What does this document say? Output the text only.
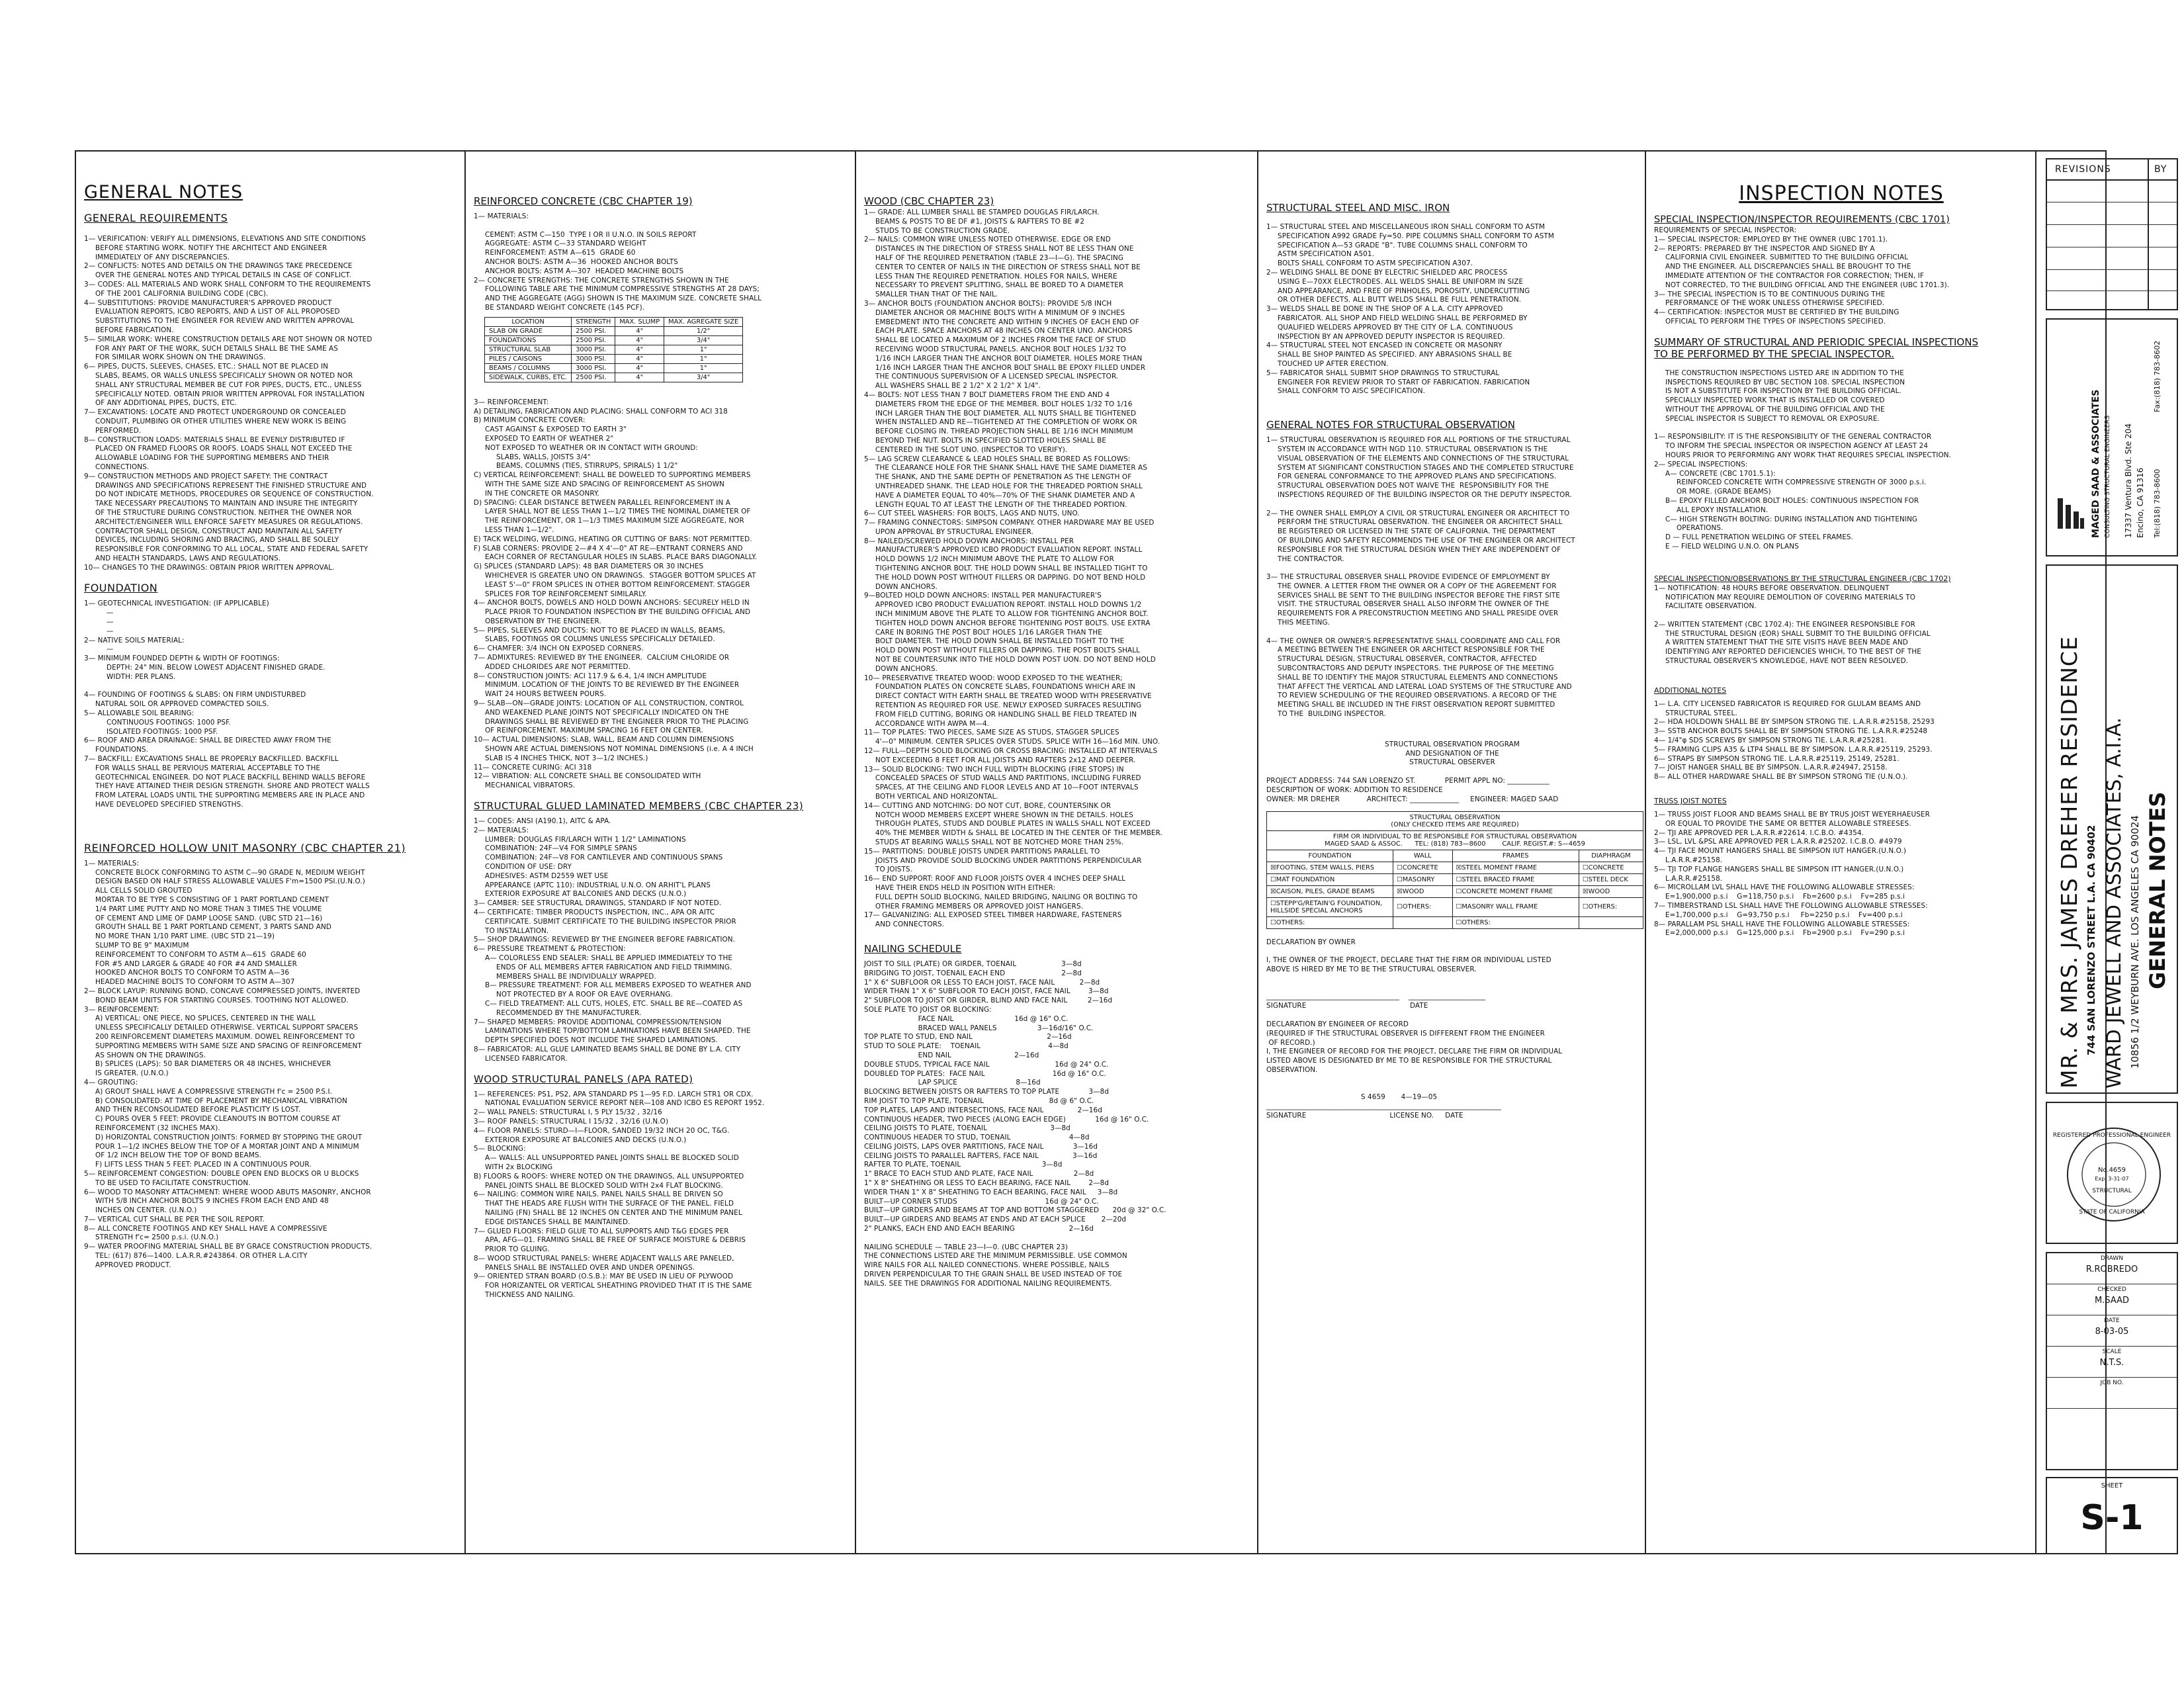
GENERAL NOTES
GENERAL REQUIREMENTS
1— VERIFICATION: VERIFY ALL DIMENSIONS, ELEVATIONS AND SITE CONDITIONS
BEFORE STARTING WORK. NOTIFY THE ARCHITECT AND ENGINEER
IMMEDIATELY OF ANY DISCREPANCIES.
2— CONFLICTS: NOTES AND DETAILS ON THE DRAWINGS TAKE PRECEDENCE
OVER THE GENERAL NOTES AND TYPICAL DETAILS IN CASE OF CONFLICT.
3— CODES: ALL MATERIALS AND WORK SHALL CONFORM TO THE REQUIREMENTS
OF THE 2001 CALIFORNIA BUILDING CODE (CBC).
4— SUBSTITUTIONS: PROVIDE MANUFACTURER'S APPROVED PRODUCT
EVALUATION REPORTS, ICBO REPORTS, AND A LIST OF ALL PROPOSED
SUBSTITUTIONS TO THE ENGINEER FOR REVIEW AND WRITTEN APPROVAL
BEFORE FABRICATION.
5— SIMILAR WORK: WHERE CONSTRUCTION DETAILS ARE NOT SHOWN OR NOTED
FOR ANY PART OF THE WORK, SUCH DETAILS SHALL BE THE SAME AS
FOR SIMILAR WORK SHOWN ON THE DRAWINGS.
6— PIPES, DUCTS, SLEEVES, CHASES, ETC.: SHALL NOT BE PLACED IN
SLABS, BEAMS, OR WALLS UNLESS SPECIFICALLY SHOWN OR NOTED NOR
SHALL ANY STRUCTURAL MEMBER BE CUT FOR PIPES, DUCTS, ETC., UNLESS
SPECIFICALLY NOTED. OBTAIN PRIOR WRITTEN APPROVAL FOR INSTALLATION
OF ANY ADDITIONAL PIPES, DUCTS, ETC.
7— EXCAVATIONS: LOCATE AND PROTECT UNDERGROUND OR CONCEALED
CONDUIT, PLUMBING OR OTHER UTILITIES WHERE NEW WORK IS BEING
PERFORMED.
8— CONSTRUCTION LOADS: MATERIALS SHALL BE EVENLY DISTRIBUTED IF
PLACED ON FRAMED FLOORS OR ROOFS. LOADS SHALL NOT EXCEED THE
ALLOWABLE LOADING FOR THE SUPPORTING MEMBERS AND THEIR
CONNECTIONS.
9— CONSTRUCTION METHODS AND PROJECT SAFETY: THE CONTRACT
DRAWINGS AND SPECIFICATIONS REPRESENT THE FINISHED STRUCTURE AND
DO NOT INDICATE METHODS, PROCEDURES OR SEQUENCE OF CONSTRUCTION.
TAKE NECESSARY PRECAUTIONS TO MAINTAIN AND INSURE THE INTEGRITY
OF THE STRUCTURE DURING CONSTRUCTION. NEITHER THE OWNER NOR
ARCHITECT/ENGINEER WILL ENFORCE SAFETY MEASURES OR REGULATIONS.
CONTRACTOR SHALL DESIGN, CONSTRUCT AND MAINTAIN ALL SAFETY
DEVICES, INCLUDING SHORING AND BRACING, AND SHALL BE SOLELY
RESPONSIBLE FOR CONFORMING TO ALL LOCAL, STATE AND FEDERAL SAFETY
AND HEALTH STANDARDS, LAWS AND REGULATIONS.
10— CHANGES TO THE DRAWINGS: OBTAIN PRIOR WRITTEN APPROVAL.
FOUNDATION
1— GEOTECHNICAL INVESTIGATION: (IF APPLICABLE)
—
—
—
2— NATIVE SOILS MATERIAL:
—
3— MINIMUM FOUNDED DEPTH & WIDTH OF FOOTINGS:
DEPTH: 24" MIN. BELOW LOWEST ADJACENT FINISHED GRADE.
WIDTH: PER PLANS.

4— FOUNDING OF FOOTINGS & SLABS: ON FIRM UNDISTURBED
NATURAL SOIL OR APPROVED COMPACTED SOILS.
5— ALLOWABLE SOIL BEARING:
CONTINUOUS FOOTINGS: 1000 PSF.
ISOLATED FOOTINGS: 1000 PSF.
6— ROOF AND AREA DRAINAGE: SHALL BE DIRECTED AWAY FROM THE
FOUNDATIONS.
7— BACKFILL: EXCAVATIONS SHALL BE PROPERLY BACKFILLED. BACKFILL
FOR WALLS SHALL BE PERVIOUS MATERIAL ACCEPTABLE TO THE
GEOTECHNICAL ENGINEER. DO NOT PLACE BACKFILL BEHIND WALLS BEFORE
THEY HAVE ATTAINED THEIR DESIGN STRENGTH. SHORE AND PROTECT WALLS
FROM LATERAL LOADS UNTIL THE SUPPORTING MEMBERS ARE IN PLACE AND
HAVE DEVELOPED SPECIFIED STRENGTHS.
REINFORCED HOLLOW UNIT MASONRY (CBC CHAPTER 21)
1— MATERIALS:
CONCRETE BLOCK CONFORMING TO ASTM C—90 GRADE N, MEDIUM WEIGHT
DESIGN BASED ON HALF STRESS ALLOWABLE VALUES F'm=1500 PSI.(U.N.O.)
ALL CELLS SOLID GROUTED
MORTAR TO BE TYPE S CONSISTING OF 1 PART PORTLAND CEMENT
1/4 PART LIME PUTTY AND NO MORE THAN 3 TIMES THE VOLUME
OF CEMENT AND LIME OF DAMP LOOSE SAND. (UBC STD 21—16)
GROUTH SHALL BE 1 PART PORTLAND CEMENT, 3 PARTS SAND AND
NO MORE THAN 1/10 PART LIME. (UBC STD 21—19)
SLUMP TO BE 9" MAXIMUM
REINFORCEMENT TO CONFORM TO ASTM A—615  GRADE 60
FOR #5 AND LARGER & GRADE 40 FOR #4 AND SMALLER
HOOKED ANCHOR BOLTS TO CONFORM TO ASTM A—36
HEADED MACHINE BOLTS TO CONFORM TO ASTM A—307
2— BLOCK LAYUP: RUNNING BOND, CONCAVE COMPRESSED JOINTS, INVERTED
BOND BEAM UNITS FOR STARTING COURSES. TOOTHING NOT ALLOWED.
3— REINFORCEMENT:
A) VERTICAL: ONE PIECE, NO SPLICES, CENTERED IN THE WALL
UNLESS SPECIFICALLY DETAILED OTHERWISE. VERTICAL SUPPORT SPACERS
200 REINFORCEMENT DIAMETERS MAXIMUM. DOWEL REINFORCEMENT TO
SUPPORTING MEMBERS WITH SAME SIZE AND SPACING OF REINFORCEMENT
AS SHOWN ON THE DRAWINGS.
B) SPLICES (LAPS): 50 BAR DIAMETERS OR 48 INCHES, WHICHEVER
IS GREATER. (U.N.O.)
4— GROUTING:
A) GROUT SHALL HAVE A COMPRESSIVE STRENGTH f'c = 2500 P.S.I.
B) CONSOLIDATED: AT TIME OF PLACEMENT BY MECHANICAL VIBRATION
AND THEN RECONSOLIDATED BEFORE PLASTICITY IS LOST.
C) POURS OVER 5 FEET: PROVIDE CLEANOUTS IN BOTTOM COURSE AT
REINFORCEMENT (32 INCHES MAX).
D) HORIZONTAL CONSTRUCTION JOINTS: FORMED BY STOPPING THE GROUT
POUR 1—1/2 INCHES BELOW THE TOP OF A MORTAR JOINT AND A MINIMUM
OF 1/2 INCH BELOW THE TOP OF BOND BEAMS.
F) LIFTS LESS THAN 5 FEET: PLACED IN A CONTINUOUS POUR.
5— REINFORCEMENT CONGESTION: DOUBLE OPEN END BLOCKS OR U BLOCKS
TO BE USED TO FACILITATE CONSTRUCTION.
6— WOOD TO MASONRY ATTACHMENT: WHERE WOOD ABUTS MASONRY, ANCHOR
WITH 5/8 INCH ANCHOR BOLTS 9 INCHES FROM EACH END AND 48
INCHES ON CENTER. (U.N.O.)
7— VERTICAL CUT SHALL BE PER THE SOIL REPORT.
8— ALL CONCRETE FOOTINGS AND KEY SHALL HAVE A COMPRESSIVE
STRENGTH f'c= 2500 p.s.i. (U.N.O.)
9— WATER PROOFING MATERIAL SHALL BE BY GRACE CONSTRUCTION PRODUCTS.
TEL: (617) 876—1400. L.A.R.R.#243864. OR OTHER L.A.CITY
APPROVED PRODUCT.
REINFORCED CONCRETE (CBC CHAPTER 19)
1— MATERIALS:

CEMENT: ASTM C—150  TYPE I OR II U.N.O. IN SOILS REPORT
AGGREGATE: ASTM C—33 STANDARD WEIGHT
REINFORCEMENT: ASTM A—615  GRADE 60
ANCHOR BOLTS: ASTM A—36  HOOKED ANCHOR BOLTS
ANCHOR BOLTS: ASTM A—307  HEADED MACHINE BOLTS
2— CONCRETE STRENGTHS: THE CONCRETE STRENGTHS SHOWN IN THE
FOLLOWING TABLE ARE THE MINIMUM COMPRESSIVE STRENGTHS AT 28 DAYS;
AND THE AGGREGATE (AGG) SHOWN IS THE MAXIMUM SIZE. CONCRETE SHALL
BE STANDARD WEIGHT CONCRETE (145 PCF).
LOCATION	STRENGTH	MAX. SLUMP	MAX. AGREGATE SIZE
SLAB ON GRADE	2500 PSI.	4"	1/2"
FOUNDATIONS	2500 PSI.	4"	3/4"
STRUCTURAL SLAB	3000 PSI.	4"	1"
PILES / CAISONS	3000 PSI.	4"	1"
BEAMS / COLUMNS	3000 PSI.	4"	1"
SIDEWALK, CURBS, ETC.	2500 PSI.	4"	3/4"
3— REINFORCEMENT:
A) DETAILING, FABRICATION AND PLACING: SHALL CONFORM TO ACI 318
B) MINIMUM CONCRETE COVER:
CAST AGAINST & EXPOSED TO EARTH 3"
EXPOSED TO EARTH OF WEATHER 2"
NOT EXPOSED TO WEATHER OR IN CONTACT WITH GROUND:
SLABS, WALLS, JOISTS 3/4"
BEAMS, COLUMNS (TIES, STIRRUPS, SPIRALS) 1 1/2"
C) VERTICAL REINFORCEMENT: SHALL BE DOWELED TO SUPPORTING MEMBERS
WITH THE SAME SIZE AND SPACING OF REINFORCEMENT AS SHOWN
IN THE CONCRETE OR MASONRY.
D) SPACING: CLEAR DISTANCE BETWEEN PARALLEL REINFORCEMENT IN A
LAYER SHALL NOT BE LESS THAN 1—1/2 TIMES THE NOMINAL DIAMETER OF
THE REINFORCEMENT, OR 1—1/3 TIMES MAXIMUM SIZE AGGREGATE, NOR
LESS THAN 1—1/2".
E) TACK WELDING, WELDING, HEATING OR CUTTING OF BARS: NOT PERMITTED.
F) SLAB CORNERS: PROVIDE 2—#4 X 4'—0" AT RE—ENTRANT CORNERS AND
EACH CORNER OF RECTANGULAR HOLES IN SLABS. PLACE BARS DIAGONALLY.
G) SPLICES (STANDARD LAPS): 48 BAR DIAMETERS OR 30 INCHES
WHICHEVER IS GREATER UNO ON DRAWINGS.  STAGGER BOTTOM SPLICES AT
LEAST 5'—0" FROM SPLICES IN OTHER BOTTOM REINFORCEMENT. STAGGER
SPLICES FOR TOP REINFORCEMENT SIMILARLY.
4— ANCHOR BOLTS, DOWELS AND HOLD DOWN ANCHORS: SECURELY HELD IN
PLACE PRIOR TO FOUNDATION INSPECTION BY THE BUILDING OFFICIAL AND
OBSERVATION BY THE ENGINEER.
5— PIPES, SLEEVES AND DUCTS: NOT TO BE PLACED IN WALLS, BEAMS,
SLABS, FOOTINGS OR COLUMNS UNLESS SPECIFICALLY DETAILED.
6— CHAMFER: 3/4 INCH ON EXPOSED CORNERS.
7— ADMIXTURES: REVIEWED BY THE ENGINEER.  CALCIUM CHLORIDE OR
ADDED CHLORIDES ARE NOT PERMITTED.
8— CONSTRUCTION JOINTS: ACI 117.9 & 6.4, 1/4 INCH AMPLITUDE
MINIMUM. LOCATION OF THE JOINTS TO BE REVIEWED BY THE ENGINEER
WAIT 24 HOURS BETWEEN POURS.
9— SLAB—ON—GRADE JOINTS: LOCATION OF ALL CONSTRUCTION, CONTROL
AND WEAKENED PLANE JOINTS NOT SPECIFICALLY INDICATED ON THE
DRAWINGS SHALL BE REVIEWED BY THE ENGINEER PRIOR TO THE PLACING
OF REINFORCEMENT. MAXIMUM SPACING 16 FEET ON CENTER.
10— ACTUAL DIMENSIONS: SLAB, WALL, BEAM AND COLUMN DIMENSIONS
SHOWN ARE ACTUAL DIMENSIONS NOT NOMINAL DIMENSIONS (i.e. A 4 INCH
SLAB IS 4 INCHES THICK, NOT 3—1/2 INCHES.)
11— CONCRETE CURING: ACI 318
12— VIBRATION: ALL CONCRETE SHALL BE CONSOLIDATED WITH
MECHANICAL VIBRATORS.
STRUCTURAL GLUED LAMINATED MEMBERS (CBC CHAPTER 23)
1— CODES: ANSI (A190.1), AITC & APA.
2— MATERIALS:
LUMBER: DOUGLAS FIR/LARCH WITH 1 1/2" LAMINATIONS
COMBINATION: 24F—V4 FOR SIMPLE SPANS
COMBINATION: 24F—V8 FOR CANTILEVER AND CONTINUOUS SPANS
CONDITION OF USE: DRY
ADHESIVES: ASTM D2559 WET USE
APPEARANCE (APTC 110): INDUSTRIAL U.N.O. ON ARHIT'L PLANS
EXTERIOR EXPOSURE AT BALCONIES AND DECKS (U.N.O.)
3— CAMBER: SEE STRUCTURAL DRAWINGS, STANDARD IF NOT NOTED.
4— CERTIFICATE: TIMBER PRODUCTS INSPECTION, INC., APA OR AITC
CERTIFICATE. SUBMIT CERTIFICATE TO THE BUILDING INSPECTOR PRIOR
TO INSTALLATION.
5— SHOP DRAWINGS: REVIEWED BY THE ENGINEER BEFORE FABRICATION.
6— PRESSURE TREATMENT & PROTECTION:
A— COLORLESS END SEALER: SHALL BE APPLIED IMMEDIATELY TO THE
ENDS OF ALL MEMBERS AFTER FABRICATION AND FIELD TRIMMING.
MEMBERS SHALL BE INDIVIDUALLY WRAPPED.
B— PRESSURE TREATMENT: FOR ALL MEMBERS EXPOSED TO WEATHER AND
NOT PROTECTED BY A ROOF OR EAVE OVERHANG.
C— FIELD TREATMENT: ALL CUTS, HOLES, ETC. SHALL BE RE—COATED AS
RECOMMENDED BY THE MANUFACTURER.
7— SHAPED MEMBERS: PROVIDE ADDITIONAL COMPRESSION/TENSION
LAMINATIONS WHERE TOP/BOTTOM LAMINATIONS HAVE BEEN SHAPED. THE
DEPTH SPECIFIED DOES NOT INCLUDE THE SHAPED LAMINATIONS.
8— FABRICATOR: ALL GLUE LAMINATED BEAMS SHALL BE DONE BY L.A. CITY
LICENSED FABRICATOR.
WOOD STRUCTURAL PANELS (APA RATED)
1— REFERENCES: PS1, PS2, APA STANDARD PS 1—95 F.D. LARCH STR1 OR CDX.
NATIONAL EVALUATION SERVICE REPORT NER—108 AND ICBO ES REPORT 1952.
2— WALL PANELS: STRUCTURAL I, 5 PLY 15/32 , 32/16
3— ROOF PANELS: STRUCTURAL I 15/32 , 32/16 (U.N.O)
4— FLOOR PANELS: STURD—I—FLOOR, SANDED 19/32 INCH 20 OC, T&G.
EXTERIOR EXPOSURE AT BALCONIES AND DECKS (U.N.O.)
5— BLOCKING:
A— WALLS: ALL UNSUPPORTED PANEL JOINTS SHALL BE BLOCKED SOLID
WITH 2x BLOCKING
B) FLOORS & ROOFS: WHERE NOTED ON THE DRAWINGS, ALL UNSUPPORTED
PANEL JOINTS SHALL BE BLOCKED SOLID WITH 2x4 FLAT BLOCKING.
6— NAILING: COMMON WIRE NAILS. PANEL NAILS SHALL BE DRIVEN SO
THAT THE HEADS ARE FLUSH WITH THE SURFACE OF THE PANEL. FIELD
NAILING (FN) SHALL BE 12 INCHES ON CENTER AND THE MINIMUM PANEL
EDGE DISTANCES SHALL BE MAINTAINED.
7— GLUED FLOORS: FIELD GLUE TO ALL SUPPORTS AND T&G EDGES PER
APA, AFG—01. FRAMING SHALL BE FREE OF SURFACE MOISTURE & DEBRIS
PRIOR TO GLUING.
8— WOOD STRUCTURAL PANELS: WHERE ADJACENT WALLS ARE PANELED,
PANELS SHALL BE INSTALLED OVER AND UNDER OPENINGS.
9— ORIENTED STRAN BOARD (O.S.B.): MAY BE USED IN LIEU OF PLYWOOD
FOR HORIZANTEL OR VERTICAL SHEATHING PROVIDED THAT IT IS THE SAME
THICKNESS AND NAILING.
WOOD (CBC CHAPTER 23)
1— GRADE: ALL LUMBER SHALL BE STAMPED DOUGLAS FIR/LARCH.
BEAMS & POSTS TO BE DF #1, JOISTS & RAFTERS TO BE #2
STUDS TO BE CONSTRUCTION GRADE.
2— NAILS: COMMON WIRE UNLESS NOTED OTHERWISE. EDGE OR END
DISTANCES IN THE DIRECTION OF STRESS SHALL NOT BE LESS THAN ONE
HALF OF THE REQUIRED PENETRATION (TABLE 23—I—G). THE SPACING
CENTER TO CENTER OF NAILS IN THE DIRECTION OF STRESS SHALL NOT BE
LESS THAN THE REQUIRED PENETRATION. HOLES FOR NAILS, WHERE
NECESSARY TO PREVENT SPLITTING, SHALL BE BORED TO A DIAMETER
SMALLER THAN THAT OF THE NAIL.
3— ANCHOR BOLTS (FOUNDATION ANCHOR BOLTS): PROVIDE 5/8 INCH
DIAMETER ANCHOR OR MACHINE BOLTS WITH A MINIMUM OF 9 INCHES
EMBEDMENT INTO THE CONCRETE AND WITHIN 9 INCHES OF EACH END OF
EACH PLATE. SPACE ANCHORS AT 48 INCHES ON CENTER UNO. ANCHORS
SHALL BE LOCATED A MAXIMUM OF 2 INCHES FROM THE FACE OF STUD
RECEIVING WOOD STRUCTURAL PANELS. ANCHOR BOLT HOLES 1/32 TO
1/16 INCH LARGER THAN THE ANCHOR BOLT DIAMETER. HOLES MORE THAN
1/16 INCH LARGER THAN THE ANCHOR BOLT SHALL BE EPOXY FILLED UNDER
THE CONTINUOUS SUPERVISION OF A LICENSED SPECIAL INSPECTOR.
ALL WASHERS SHALL BE 2 1/2" X 2 1/2" X 1/4".
4— BOLTS: NOT LESS THAN 7 BOLT DIAMETERS FROM THE END AND 4
DIAMETERS FROM THE EDGE OF THE MEMBER. BOLT HOLES 1/32 TO 1/16
INCH LARGER THAN THE BOLT DIAMETER. ALL NUTS SHALL BE TIGHTENED
WHEN INSTALLED AND RE—TIGHTENED AT THE COMPLETION OF WORK OR
BEFORE CLOSING IN. THREAD PROJECTION SHALL BE 1/16 INCH MINIMUM
BEYOND THE NUT. BOLTS IN SPECIFIED SLOTTED HOLES SHALL BE
CENTERED IN THE SLOT UNO. (INSPECTOR TO VERIFY).
5— LAG SCREW CLEARANCE & LEAD HOLES SHALL BE BORED AS FOLLOWS:
THE CLEARANCE HOLE FOR THE SHANK SHALL HAVE THE SAME DIAMETER AS
THE SHANK, AND THE SAME DEPTH OF PENETRATION AS THE LENGTH OF
UNTHREADED SHANK. THE LEAD HOLE FOR THE THREADED PORTION SHALL
HAVE A DIAMETER EQUAL TO 40%—70% OF THE SHANK DIAMETER AND A
LENGTH EQUAL TO AT LEAST THE LENGTH OF THE THREADED PORTION.
6— CUT STEEL WASHERS: FOR BOLTS, LAGS AND NUTS, UNO.
7— FRAMING CONNECTORS: SIMPSON COMPANY. OTHER HARDWARE MAY BE USED
UPON APPROVAL BY STRUCTURAL ENGINEER.
8— NAILED/SCREWED HOLD DOWN ANCHORS: INSTALL PER
MANUFACTURER'S APPROVED ICBO PRODUCT EVALUATION REPORT. INSTALL
HOLD DOWNS 1/2 INCH MINIMUM ABOVE THE PLATE TO ALLOW FOR
TIGHTENING ANCHOR BOLT. THE HOLD DOWN SHALL BE INSTALLED TIGHT TO
THE HOLD DOWN POST WITHOUT FILLERS OR DAPPING. DO NOT BEND HOLD
DOWN ANCHORS.
9—BOLTED HOLD DOWN ANCHORS: INSTALL PER MANUFACTURER'S
APPROVED ICBO PRODUCT EVALUATION REPORT. INSTALL HOLD DOWNS 1/2
INCH MINIMUM ABOVE THE PLATE TO ALLOW FOR TIGHTENING ANCHOR BOLT.
TIGHTEN HOLD DOWN ANCHOR BEFORE TIGHTENING POST BOLTS. USE EXTRA
CARE IN BORING THE POST BOLT HOLES 1/16 LARGER THAN THE
BOLT DIAMETER. THE HOLD DOWN SHALL BE INSTALLED TIGHT TO THE
HOLD DOWN POST WITHOUT FILLERS OR DAPPING. THE POST BOLTS SHALL
NOT BE COUNTERSUNK INTO THE HOLD DOWN POST UON. DO NOT BEND HOLD
DOWN ANCHORS.
10— PRESERVATIVE TREATED WOOD: WOOD EXPOSED TO THE WEATHER;
FOUNDATION PLATES ON CONCRETE SLABS, FOUNDATIONS WHICH ARE IN
DIRECT CONTACT WITH EARTH SHALL BE TREATED WOOD WITH PRESERVATIVE
RETENTION AS REQUIRED FOR USE. NEWLY EXPOSED SURFACES RESULTING
FROM FIELD CUTTING, BORING OR HANDLING SHALL BE FIELD TREATED IN
ACCORDANCE WITH AWPA M—4.
11— TOP PLATES: TWO PIECES, SAME SIZE AS STUDS, STAGGER SPLICES
4'—0" MINIMUM. CENTER SPLICES OVER STUDS. SPLICE WITH 16—16d MIN. UNO.
12— FULL—DEPTH SOLID BLOCKING OR CROSS BRACING: INSTALLED AT INTERVALS
NOT EXCEEDING 8 FEET FOR ALL JOISTS AND RAFTERS 2x12 AND DEEPER.
13— SOLID BLOCKING: TWO INCH FULL WIDTH BLOCKING (FIRE STOPS) IN
CONCEALED SPACES OF STUD WALLS AND PARTITIONS, INCLUDING FURRED
SPACES, AT THE CEILING AND FLOOR LEVELS AND AT 10—FOOT INTERVALS
BOTH VERTICAL AND HORIZONTAL.
14— CUTTING AND NOTCHING: DO NOT CUT, BORE, COUNTERSINK OR
NOTCH WOOD MEMBERS EXCEPT WHERE SHOWN IN THE DETAILS. HOLES
THROUGH PLATES, STUDS AND DOUBLE PLATES IN WALLS SHALL NOT EXCEED
40% THE MEMBER WIDTH & SHALL BE LOCATED IN THE CENTER OF THE MEMBER.
STUDS AT BEARING WALLS SHALL NOT BE NOTCHED MORE THAN 25%.
15— PARTITIONS: DOUBLE JOISTS UNDER PARTITIONS PARALLEL TO
JOISTS AND PROVIDE SOLID BLOCKING UNDER PARTITIONS PERPENDICULAR
TO JOISTS.
16— END SUPPORT: ROOF AND FLOOR JOISTS OVER 4 INCHES DEEP SHALL
HAVE THEIR ENDS HELD IN POSITION WITH EITHER:
FULL DEPTH SOLID BLOCKING, NAILED BRIDGING, NAILING OR BOLTING TO
OTHER FRAMING MEMBERS OR APPROVED JOIST HANGERS.
17— GALVANIZING: ALL EXPOSED STEEL TIMBER HARDWARE, FASTENERS
AND CONNECTORS.
NAILING SCHEDULE
JOIST TO SILL (PLATE) OR GIRDER, TOENAIL                    3—8d
BRIDGING TO JOIST, TOENAIL EACH END                         2—8d
1" X 6" SUBFLOOR OR LESS TO EACH JOIST, FACE NAIL           2—8d
WIDER THAN 1" X 6" SUBFLOOR TO EACH JOIST, FACE NAIL        3—8d
2" SUBFLOOR TO JOIST OR GIRDER, BLIND AND FACE NAIL         2—16d
SOLE PLATE TO JOIST OR BLOCKING:
FACE NAIL                           16d @ 16" O.C.
BRACED WALL PANELS                  3—16d/16" O.C.
TOP PLATE TO STUD, END NAIL                                 2—16d
STUD TO SOLE PLATE:    TOENAIL                              4—8d
END NAIL                            2—16d
DOUBLE STUDS, TYPICAL FACE NAIL                             16d @ 24" O.C.
DOUBLED TOP PLATES:  FACE NAIL                              16d @ 16" O.C.
LAP SPLICE                          8—16d
BLOCKING BETWEEN JOISTS OR RAFTERS TO TOP PLATE             3—8d
RIM JOIST TO TOP PLATE, TOENAIL                             8d @ 6" O.C.
TOP PLATES, LAPS AND INTERSECTIONS, FACE NAIL               2—16d
CONTINUOUS HEADER, TWO PIECES (ALONG EACH EDGE)             16d @ 16" O.C.
CEILING JOISTS TO PLATE, TOENAIL                            3—8d
CONTINUOUS HEADER TO STUD, TOENAIL                          4—8d
CEILING JOISTS, LAPS OVER PARTITIONS, FACE NAIL             3—16d
CEILING JOISTS TO PARALLEL RAFTERS, FACE NAIL               3—16d
RAFTER TO PLATE, TOENAIL                                    3—8d
1" BRACE TO EACH STUD AND PLATE, FACE NAIL                  2—8d
1" X 8" SHEATHING OR LESS TO EACH BEARING, FACE NAIL        2—8d
WIDER THAN 1" X 8" SHEATHING TO EACH BEARING, FACE NAIL     3—8d
BUILT—UP CORNER STUDS                                       16d @ 24" O.C.
BUILT—UP GIRDERS AND BEAMS AT TOP AND BOTTOM STAGGERED      20d @ 32" O.C.
BUILT—UP GIRDERS AND BEAMS AT ENDS AND AT EACH SPLICE       2—20d
2" PLANKS, EACH END AND EACH BEARING                        2—16d

NAILING SCHEDULE — TABLE 23—I—0. (UBC CHAPTER 23)
THE CONNECTIONS LISTED ARE THE MINIMUM PERMISSIBLE. USE COMMON
WIRE NAILS FOR ALL NAILED CONNECTIONS. WHERE POSSIBLE, NAILS
DRIVEN PERPENDICULAR TO THE GRAIN SHALL BE USED INSTEAD OF TOE
NAILS. SEE THE DRAWINGS FOR ADDITIONAL NAILING REQUIREMENTS.
STRUCTURAL STEEL AND MISC. IRON
1— STRUCTURAL STEEL AND MISCELLANEOUS IRON SHALL CONFORM TO ASTM
SPECIFICATION A992 GRADE Fy=50. PIPE COLUMNS SHALL CONFORM TO ASTM
SPECIFICATION A—53 GRADE "B". TUBE COLUMNS SHALL CONFORM TO
ASTM SPECIFICATION A501.
BOLTS SHALL CONFORM TO ASTM SPECIFICATION A307.
2— WELDING SHALL BE DONE BY ELECTRIC SHIELDED ARC PROCESS
USING E—70XX ELECTRODES. ALL WELDS SHALL BE UNIFORM IN SIZE
AND APPEARANCE, AND FREE OF PINHOLES, POROSITY, UNDERCUTTING
OR OTHER DEFECTS. ALL BUTT WELDS SHALL BE FULL PENETRATION.
3— WELDS SHALL BE DONE IN THE SHOP OF A L.A. CITY APPROVED
FABRICATOR. ALL SHOP AND FIELD WELDING SHALL BE PERFORMED BY
QUALIFIED WELDERS APPROVED BY THE CITY OF L.A. CONTINUOUS
INSPECTION BY AN APPROVED DEPUTY INSPECTOR IS REQUIRED.
4— STRUCTURAL STEEL NOT ENCASED IN CONCRETE OR MASONRY
SHALL BE SHOP PAINTED AS SPECIFIED. ANY ABRASIONS SHALL BE
TOUCHED UP AFTER ERECTION.
5— FABRICATOR SHALL SUBMIT SHOP DRAWINGS TO STRUCTURAL
ENGINEER FOR REVIEW PRIOR TO START OF FABRICATION. FABRICATION
SHALL CONFORM TO AISC SPECIFICATION.
GENERAL NOTES FOR STRUCTURAL OBSERVATION
1— STRUCTURAL OBSERVATION IS REQUIRED FOR ALL PORTIONS OF THE STRUCTURAL
SYSTEM IN ACCORDANCE WITH NGD 110. STRUCTURAL OBSERVATION IS THE
VISUAL OBSERVATION OF THE ELEMENTS AND CONNECTIONS OF THE STRUCTURAL
SYSTEM AT SIGNIFICANT CONSTRUCTION STAGES AND THE COMPLETED STRUCTURE
FOR GENERAL CONFORMANCE TO THE APPROVED PLANS AND SPECIFICATIONS.
STRUCTURAL OBSERVATION DOES NOT WAIVE THE  RESPONSIBILITY FOR THE
INSPECTIONS REQUIRED OF THE BUILDING INSPECTOR OR THE DEPUTY INSPECTOR.

2— THE OWNER SHALL EMPLOY A CIVIL OR STRUCTURAL ENGINEER OR ARCHITECT TO
PERFORM THE STRUCTURAL OBSERVATION. THE ENGINEER OR ARCHITECT SHALL
BE REGISTERED OR LICENSED IN THE STATE OF CALIFORNIA. THE DEPARTMENT
OF BUILDING AND SAFETY RECOMMENDS THE USE OF THE ENGINEER OR ARCHITECT
RESPONSIBLE FOR THE STRUCTURAL DESIGN WHEN THEY ARE INDEPENDENT OF
THE CONTRACTOR.

3— THE STRUCTURAL OBSERVER SHALL PROVIDE EVIDENCE OF EMPLOYMENT BY
THE OWNER. A LETTER FROM THE OWNER OR A COPY OF THE AGREEMENT FOR
SERVICES SHALL BE SENT TO THE BUILDING INSPECTOR BEFORE THE FIRST SITE
VISIT. THE STRUCTURAL OBSERVER SHALL ALSO INFORM THE OWNER OF THE
REQUIREMENTS FOR A PRECONSTRUCTION MEETING AND SHALL PRESIDE OVER
THIS MEETING.

4— THE OWNER OR OWNER'S REPRESENTATIVE SHALL COORDINATE AND CALL FOR
A MEETING BETWEEN THE ENGINEER OR ARCHITECT RESPONSIBLE FOR THE
STRUCTURAL DESIGN, STRUCTURAL OBSERVER, CONTRACTOR, AFFECTED
SUBCONTRACTORS AND DEPUTY INSPECTORS. THE PURPOSE OF THE MEETING
SHALL BE TO IDENTIFY THE MAJOR STRUCTURAL ELEMENTS AND CONNECTIONS
THAT AFFECT THE VERTICAL AND LATERAL LOAD SYSTEMS OF THE STRUCTURE AND
TO REVIEW SCHEDULING OF THE REQUIRED OBSERVATIONS. A RECORD OF THE
MEETING SHALL BE INCLUDED IN THE FIRST OBSERVATION REPORT SUBMITTED
TO THE  BUILDING INSPECTOR.
STRUCTURAL OBSERVATION PROGRAM
AND DESIGNATION OF THE
STRUCTURAL OBSERVER
PROJECT ADDRESS: 744 SAN LORENZO ST.             PERMIT APPL NO: ____________
DESCRIPTION OF WORK: ADDITION TO RESIDENCE
OWNER: MR DREHER            ARCHITECT: ______________     ENGINEER: MAGED SAAD
STRUCTURAL OBSERVATION
(ONLY CHECKED ITEMS ARE REQUIRED)			
FIRM OR INDIVIDUAL TO BE RESPONSIBLE FOR STRUCTURAL OBSERVATION
MAGED SAAD & ASSOC.      TEL: (818) 783—8600        CALIF. REGIST.#: S—4659			
FOUNDATION	WALL	FRAMES	DIAPHRAGM
☒FOOTING, STEM WALLS, PIERS	☐CONCRETE	☒STEEL MOMENT FRAME	☐CONCRETE
☐MAT FOUNDATION	☐MASONRY	☐STEEL BRACED FRAME	☐STEEL DECK
☒CAISON, PILES, GRADE BEAMS	☒WOOD	☐CONCRETE MOMENT FRAME	☒WOOD
☐STEPP'G/RETAIN'G FOUNDATION, HILLSIDE SPECIAL ANCHORS	☐OTHERS:	☐MASONRY WALL FRAME	☐OTHERS:
☐OTHERS:		☐OTHERS:	
DECLARATION BY OWNER

I, THE OWNER OF THE PROJECT, DECLARE THAT THE FIRM OR INDIVIDUAL LISTED
ABOVE IS HIRED BY ME TO BE THE STRUCTURAL OBSERVER.

______________________________________    ______________________
SIGNATURE                                              DATE
DECLARATION BY ENGINEER OF RECORD
(REQUIRED IF THE STRUCTURAL OBSERVER IS DIFFERENT FROM THE ENGINEER
OF RECORD.)
I, THE ENGINEER OF RECORD FOR THE PROJECT, DECLARE THE FIRM OR INDIVIDUAL
LISTED ABOVE IS DESIGNATED BY ME TO BE RESPONSIBLE FOR THE STRUCTURAL
OBSERVATION.

S 4659       4—19—05
___________________________________________________________________
SIGNATURE                                     LICENSE NO.     DATE
INSPECTION NOTES
SPECIAL INSPECTION/INSPECTOR REQUIREMENTS (CBC 1701)
REQUIREMENTS OF SPECIAL INSPECTOR:
1— SPECIAL INSPECTOR: EMPLOYED BY THE OWNER (UBC 1701.1).
2— REPORTS: PREPARED BY THE INSPECTOR AND SIGNED BY A
CALIFORNIA CIVIL ENGINEER. SUBMITTED TO THE BUILDING OFFICIAL
AND THE ENGINEER. ALL DISCREPANCIES SHALL BE BROUGHT TO THE
IMMEDIATE ATTENTION OF THE CONTRACTOR FOR CORRECTION; THEN, IF
NOT CORRECTED, TO THE BUILDING OFFICIAL AND THE ENGINEER (UBC 1701.3).
3— THE SPECIAL INSPECTION IS TO BE CONTINUOUS DURING THE
PERFORMANCE OF THE WORK UNLESS OTHERWISE SPECIFIED.
4— CERTIFICATION: INSPECTOR MUST BE CERTIFIED BY THE BUILDING
OFFICIAL TO PERFORM THE TYPES OF INSPECTIONS SPECIFIED.
SUMMARY OF STRUCTURAL AND PERIODIC SPECIAL INSPECTIONS
TO BE PERFORMED BY THE SPECIAL INSPECTOR.
THE CONSTRUCTION INSPECTIONS LISTED ARE IN ADDITION TO THE
INSPECTIONS REQUIRED BY UBC SECTION 108. SPECIAL INSPECTION
IS NOT A SUBSTITUTE FOR INSPECTION BY THE BUILDING OFFICIAL.
SPECIALLY INSPECTED WORK THAT IS INSTALLED OR COVERED
WITHOUT THE APPROVAL OF THE BUILDING OFFICIAL AND THE
SPECIAL INSPECTOR IS SUBJECT TO REMOVAL OR EXPOSURE.

1— RESPONSIBILITY: IT IS THE RESPONSIBILITY OF THE GENERAL CONTRACTOR
TO INFORM THE SPECIAL INSPECTOR OR INSPECTION AGENCY AT LEAST 24
HOURS PRIOR TO PERFORMING ANY WORK THAT REQUIRES SPECIAL INSPECTION.
2— SPECIAL INSPECTIONS:
A— CONCRETE (CBC 1701.5.1):
REINFORCED CONCRETE WITH COMPRESSIVE STRENGTH OF 3000 p.s.i.
OR MORE. (GRADE BEAMS)
B— EPOXY FILLED ANCHOR BOLT HOLES: CONTINUOUS INSPECTION FOR
ALL EPOXY INSTALLATION.
C— HIGH STRENGTH BOLTING: DURING INSTALLATION AND TIGHTENING
OPERATIONS.
D — FULL PENETRATION WELDING OF STEEL FRAMES.
E — FIELD WELDING U.N.O. ON PLANS
SPECIAL INSPECTION/OBSERVATIONS BY THE STRUCTURAL ENGINEER (CBC 1702)
1— NOTIFICATION: 48 HOURS BEFORE OBSERVATION. DELINQUENT
NOTIFICATION MAY REQUIRE DEMOLITION OF COVERING MATERIALS TO
FACILITATE OBSERVATION.

2— WRITTEN STATEMENT (CBC 1702.4): THE ENGINEER RESPONSIBLE FOR
THE STRUCTURAL DESIGN (EOR) SHALL SUBMIT TO THE BUILDING OFFICIAL
A WRITTEN STATEMENT THAT THE SITE VISITS HAVE BEEN MADE AND
IDENTIFYING ANY REPORTED DEFICIENCIES WHICH, TO THE BEST OF THE
STRUCTURAL OBSERVER'S KNOWLEDGE, HAVE NOT BEEN RESOLVED.
ADDITIONAL NOTES
1— L.A. CITY LICENSED FABRICATOR IS REQUIRED FOR GLULAM BEAMS AND
STRUCTURAL STEEL.
2— HDA HOLDOWN SHALL BE BY SIMPSON STRONG TIE. L.A.R.R.#25158, 25293
3— SSTB ANCHOR BOLTS SHALL BE BY SIMPSON STRONG TIE. L.A.R.R.#25248
4— 1/4"φ SDS SCREWS BY SIMPSON STRONG TIE. L.A.R.R.#25281.
5— FRAMING CLIPS A35 & LTP4 SHALL BE BY SIMPSON. L.A.R.R.#25119, 25293.
6— STRAPS BY SIMPSON STRONG TIE. L.A.R.R.#25119, 25149, 25281.
7— JOIST HANGER SHALL BE BY SIMPSON. L.A.R.R.#24947, 25158.
8— ALL OTHER HARDWARE SHALL BE BY SIMPSON STRONG TIE (U.N.O.).
TRUSS JOIST NOTES
1— TRUSS JOIST FLOOR AND BEAMS SHALL BE BY TRUS JOIST WEYERHAEUSER
OR EQUAL TO PROVIDE THE SAME OR BETTER ALLOWABLE STREESES.
2— TJI ARE APPROVED PER L.A.R.R.#22614. I.C.B.O. #4354.
3— LSL, LVL &PSL ARE APPROVED PER L.A.R.R.#25202. I.C.B.O. #4979
4— TJI FACE MOUNT HANGERS SHALL BE SIMPSON IUT HANGER.(U.N.O.)
L.A.R.R.#25158.
5— TJI TOP FLANGE HANGERS SHALL BE SIMPSON ITT HANGER.(U.N.O.)
L.A.R.R.#25158.
6— MICROLLAM LVL SHALL HAVE THE FOLLOWING ALLOWABLE STRESSES:
E=1,900,000 p.s.i    G=118,750 p.s.i    Fb=2600 p.s.i    Fv=285 p.s.i
7— TIMBERSTRAND LSL SHALL HAVE THE FOLLOWING ALLOWABLE STRESSES:
E=1,700,000 p.s.i    G=93,750 p.s.i     Fb=2250 p.s.i    Fv=400 p.s.i
8— PARALLAM PSL SHALL HAVE THE FOLLOWING ALLOWABLE STRESSES:
E=2,000,000 p.s.i    G=125,000 p.s.i    Fb=2900 p.s.i    Fv=290 p.s.i
REVISIONS	BY
MAGED SAAD & ASSOCIATES CONSULTING STRUCTURAL ENGINEERS 17337 Ventura Blvd. Ste 204 Encino, CA 91316 Tel:(818) 783-8600
Fax:(818) 783-8602
MR. & MRS. JAMES DREHER RESIDENCE 744 SAN LORENZO STREET L.A. CA 90402 WARD JEWELL AND ASSOCIATES, A.I.A. 10856 1/2 WEYBURN AVE. LOS ANGELES CA 90024 GENERAL NOTES
REGISTERED PROFESSIONAL ENGINEER
No.4659
Exp. 3-31-07
STRUCTURAL
STATE OF CALIFORNIA
DRAWN
R.ROBREDO
CHECKED
M.SAAD
DATE
8-03-05
SCALE
N.T.S.
JOB NO.
SHEET
S-1
